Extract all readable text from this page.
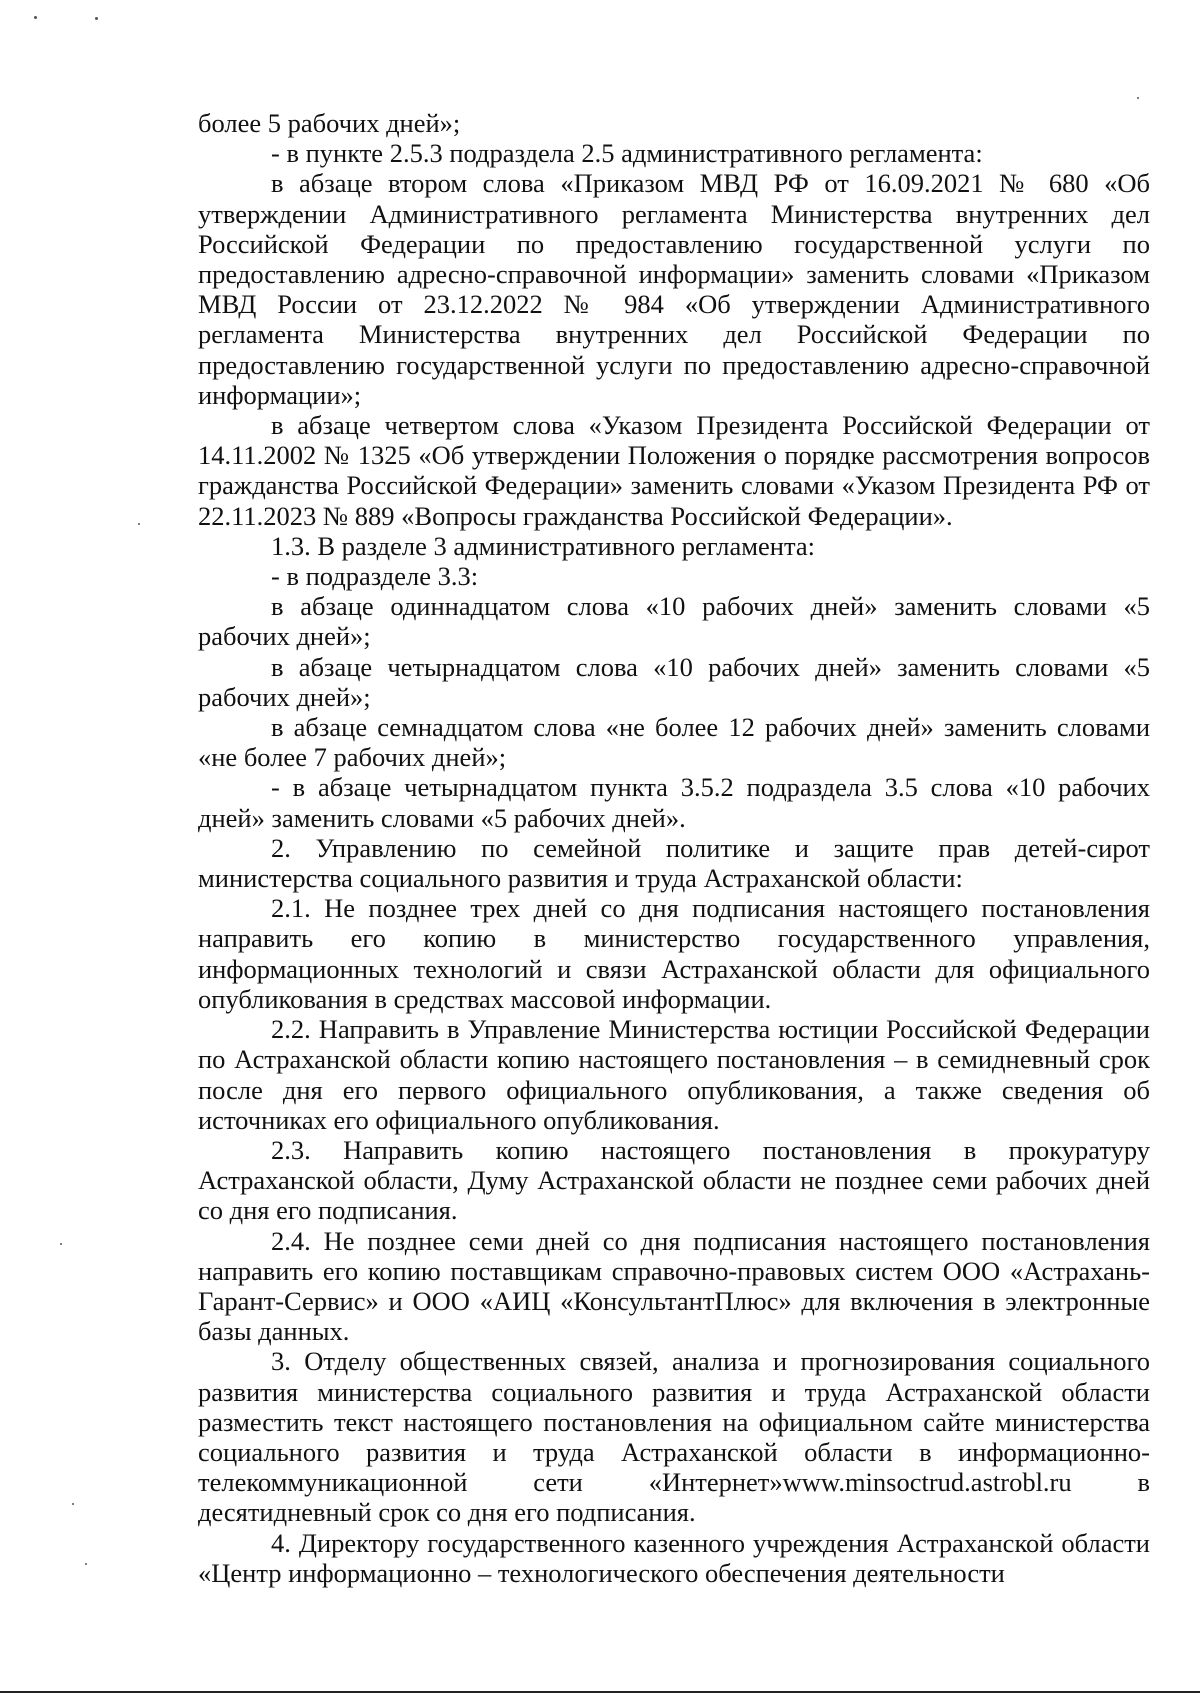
более 5 рабочих дней»;

- в пункте 2.5.3 подраздела 2.5 административного регламента:

в абзаце втором слова «Приказом МВД РФ от 16.09.2021 № 680 «Об утверждении Административного регламента Министерства внутренних дел Российской Федерации по предоставлению государственной услуги по предоставлению адресно-справочной информации» заменить словами «Приказом МВД России от 23.12.2022 № 984 «Об утверждении Административного регламента Министерства внутренних дел Российской Федерации по предоставлению государственной услуги по предоставлению адресно-справочной информации»;

в абзаце четвертом слова «Указом Президента Российской Федерации от 14.11.2002 № 1325 «Об утверждении Положения о порядке рассмотрения вопросов гражданства Российской Федерации» заменить словами «Указом Президента РФ от 22.11.2023 № 889 «Вопросы гражданства Российской Федерации».

1.3. В разделе 3 административного регламента:

- в подразделе 3.3:

в абзаце одиннадцатом слова «10 рабочих дней» заменить словами «5 рабочих дней»;

в абзаце четырнадцатом слова «10 рабочих дней» заменить словами «5 рабочих дней»;

в абзаце семнадцатом слова «не более 12 рабочих дней» заменить словами «не более 7 рабочих дней»;

- в абзаце четырнадцатом пункта 3.5.2 подраздела 3.5 слова «10 рабочих дней» заменить словами «5 рабочих дней».

2. Управлению по семейной политике и защите прав детей-сирот министерства социального развития и труда Астраханской области:

2.1. Не позднее трех дней со дня подписания настоящего постановления направить его копию в министерство государственного управления, информационных технологий и связи Астраханской области для официального опубликования в средствах массовой информации.

2.2. Направить в Управление Министерства юстиции Российской Федерации по Астраханской области копию настоящего постановления – в семидневный срок после дня его первого официального опубликования, а также сведения об источниках его официального опубликования.

2.3. Направить копию настоящего постановления в прокуратуру Астраханской области, Думу Астраханской области не позднее семи рабочих дней со дня его подписания.

2.4. Не позднее семи дней со дня подписания настоящего постановления направить его копию поставщикам справочно-правовых систем ООО «Астрахань-Гарант-Сервис» и ООО «АИЦ «КонсультантПлюс» для включения в электронные базы данных.

3. Отделу общественных связей, анализа и прогнозирования социального развития министерства социального развития и труда Астраханской области разместить текст настоящего постановления на официальном сайте министерства социального развития и труда Астраханской области в информационно-телекоммуникационной сети «Интернет»www.minsoctrud.astrobl.ru в десятидневный срок со дня его подписания.

4. Директору государственного казенного учреждения Астраханской области «Центр информационно – технологического обеспечения деятельности
